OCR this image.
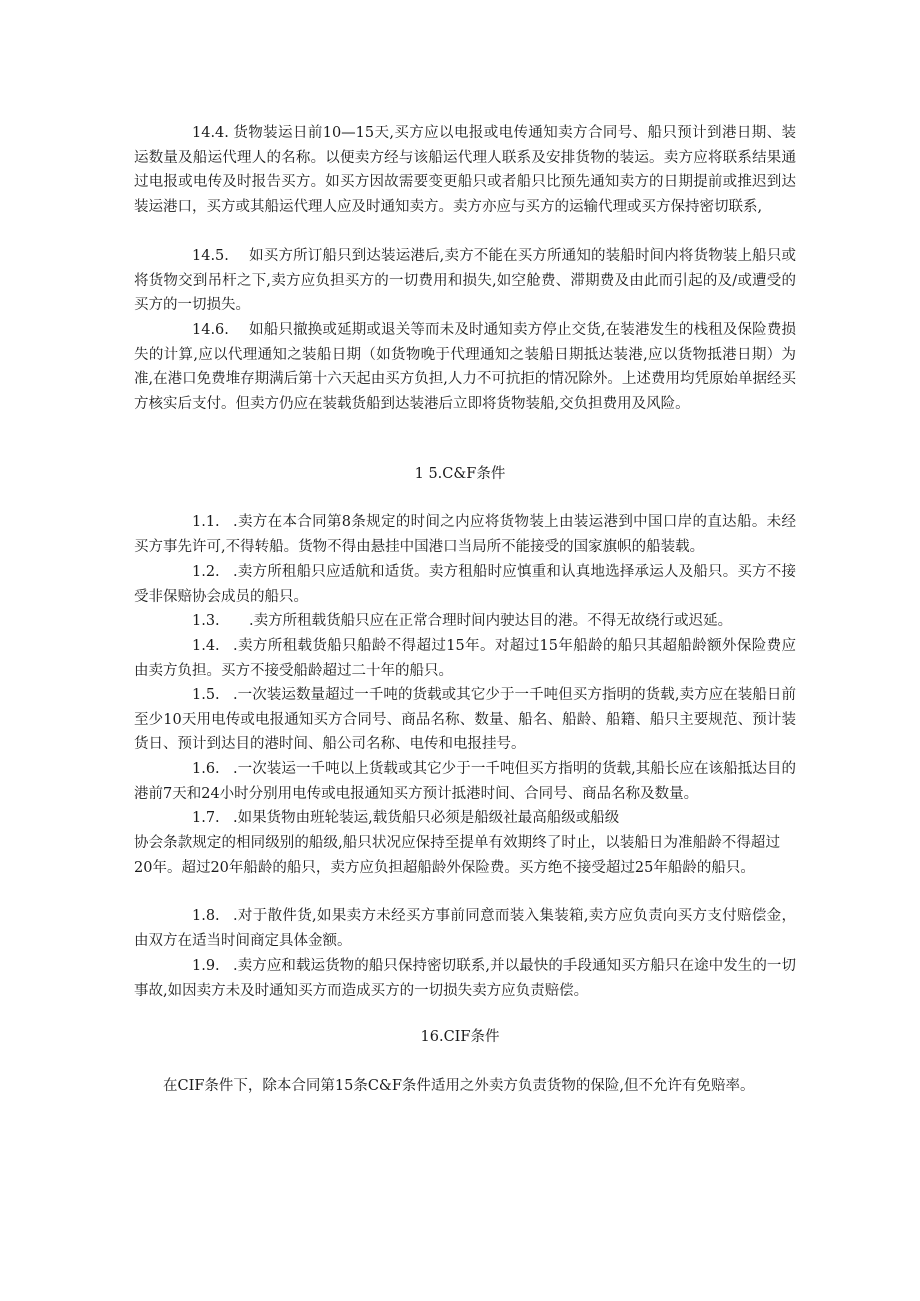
14.4. 货物装运日前10—15天,买方应以电报或电传通知卖方合同号、船只预计到港日期、装运数量及船运代理人的名称。以便卖方经与该船运代理人联系及安排货物的装运。卖方应将联系结果通过电报或电传及时报告买方。如买方因故需要变更船只或者船只比预先通知卖方的日期提前或推迟到达装运港口，买方或其船运代理人应及时通知卖方。卖方亦应与买方的运输代理或买方保持密切联系,

14.5. 如买方所订船只到达装运港后,卖方不能在买方所通知的装船时间内将货物装上船只或将货物交到吊杆之下,卖方应负担买方的一切费用和损失,如空舱费、滞期费及由此而引起的及/或遭受的买方的一切损失。

14.6. 如船只撤换或延期或退关等而未及时通知卖方停止交货,在装港发生的栈租及保险费损失的计算,应以代理通知之装船日期（如货物晚于代理通知之装船日期抵达装港,应以货物抵港日期）为准,在港口免费堆存期满后第十六天起由买方负担,人力不可抗拒的情况除外。上述费用均凭原始单据经买方核实后支付。但卖方仍应在装载货船到达装港后立即将货物装船,交负担费用及风险。

1 5.C&F条件

1.1. .卖方在本合同第8条规定的时间之内应将货物装上由装运港到中国口岸的直达船。未经买方事先许可,不得转船。货物不得由悬挂中国港口当局所不能接受的国家旗帜的船装载。

1.2. .卖方所租船只应适航和适货。卖方租船时应慎重和认真地选择承运人及船只。买方不接受非保赔协会成员的船只。

1.3. .卖方所租载货船只应在正常合理时间内驶达目的港。不得无故绕行或迟延。

1.4. .卖方所租载货船只船龄不得超过15年。对超过15年船龄的船只其超船龄额外保险费应由卖方负担。买方不接受船龄超过二十年的船只。

1.5. .一次装运数量超过一千吨的货载或其它少于一千吨但买方指明的货载,卖方应在装船日前至少10天用电传或电报通知买方合同号、商品名称、数量、船名、船龄、船籍、船只主要规范、预计装货日、预计到达目的港时间、船公司名称、电传和电报挂号。

1.6. .一次装运一千吨以上货载或其它少于一千吨但买方指明的货载,其船长应在该船抵达目的港前7天和24小时分别用电传或电报通知买方预计抵港时间、合同号、商品名称及数量。

1.7. .如果货物由班轮装运,载货船只必须是船级社最高船级或船级

协会条款规定的相同级别的船级,船只状况应保持至提单有效期终了时止，以装船日为准船龄不得超过20年。超过20年船龄的船只，卖方应负担超船龄外保险费。买方绝不接受超过25年船龄的船只。

1.8. .对于散件货,如果卖方未经买方事前同意而装入集装箱,卖方应负责向买方支付赔偿金，由双方在适当时间商定具体金额。

1.9. .卖方应和载运货物的船只保持密切联系,并以最快的手段通知买方船只在途中发生的一切事故,如因卖方未及时通知买方而造成买方的一切损失卖方应负责赔偿。

16.CIF条件

在CIF条件下，除本合同第15条C&F条件适用之外卖方负责货物的保险,但不允许有免赔率。
